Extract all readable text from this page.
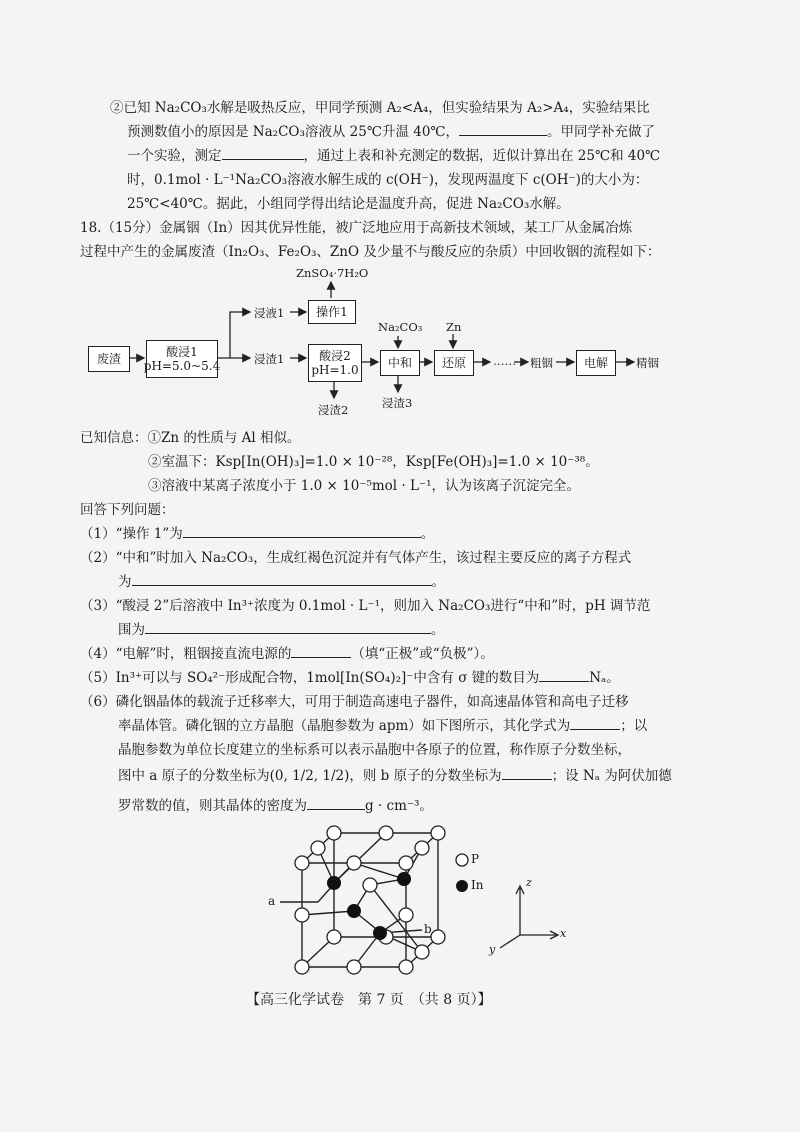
②已知 Na₂CO₃水解是吸热反应，甲同学预测 A₂<A₄，但实验结果为 A₂>A₄，实验结果比
预测数值小的原因是 Na₂CO₃溶液从 25℃升温 40℃，	。甲同学补充做了
一个实验，测定	，通过上表和补充测定的数据，近似计算出在 25℃和 40℃
时，0.1mol · L⁻¹Na₂CO₃溶液水解生成的 c(OH⁻)，发现两温度下 c(OH⁻)的大小为：
25℃<40℃。据此，小组同学得出结论是温度升高，促进 Na₂CO₃水解。
18.（15分）金属铟（In）因其优异性能，被广泛地应用于高新技术领域，某工厂从金属冶炼
过程中产生的金属废渣（In₂O₃、Fe₂O₃、ZnO 及少量不与酸反应的杂质）中回收铟的流程如下：
废渣	酸浸1
pH=5.0~5.4
浸液1	操作1
ZnSO₄·7H₂O
浸渣1	酸浸2
pH=1.0
浸渣2
Na₂CO₃
中和
浸渣3
Zn
还原	…… 粗铟	电解	精铟
已知信息：①Zn 的性质与 Al 相似。
②室温下：Ksp[In(OH)₃]=1.0 × 10⁻²⁸，Ksp[Fe(OH)₃]=1.0 × 10⁻³⁸。
③溶液中某离子浓度小于 1.0 × 10⁻⁵mol · L⁻¹，认为该离子沉淀完全。
回答下列问题：
（1）“操作 1”为	。
（2）“中和”时加入 Na₂CO₃，生成红褐色沉淀并有气体产生，该过程主要反应的离子方程式
为	。
（3）“酸浸 2”后溶液中 In³⁺浓度为 0.1mol · L⁻¹，则加入 Na₂CO₃进行“中和”时，pH 调节范
围为	。
（4）“电解”时，粗铟接直流电源的	（填“正极”或“负极”）。
（5）In³⁺可以与 SO₄²⁻形成配合物，1mol[In(SO₄)₂]⁻中含有 σ 键的数目为	Nₐ。
（6）磷化铟晶体的载流子迁移率大，可用于制造高速电子器件，如高速晶体管和高电子迁移
率晶体管。磷化铟的立方晶胞（晶胞参数为 apm）如下图所示，其化学式为	；以
晶胞参数为单位长度建立的坐标系可以表示晶胞中各原子的位置，称作原子分数坐标，
图中 a 原子的分数坐标为(0, 1/2, 1/2)，则 b 原子的分数坐标为	；设 Nₐ 为阿伏加德
罗常数的值，则其晶体的密度为	g · cm⁻³。
a
b
P
In	z
x
y
【高三化学试卷　第 7 页　（共 8 页）】
